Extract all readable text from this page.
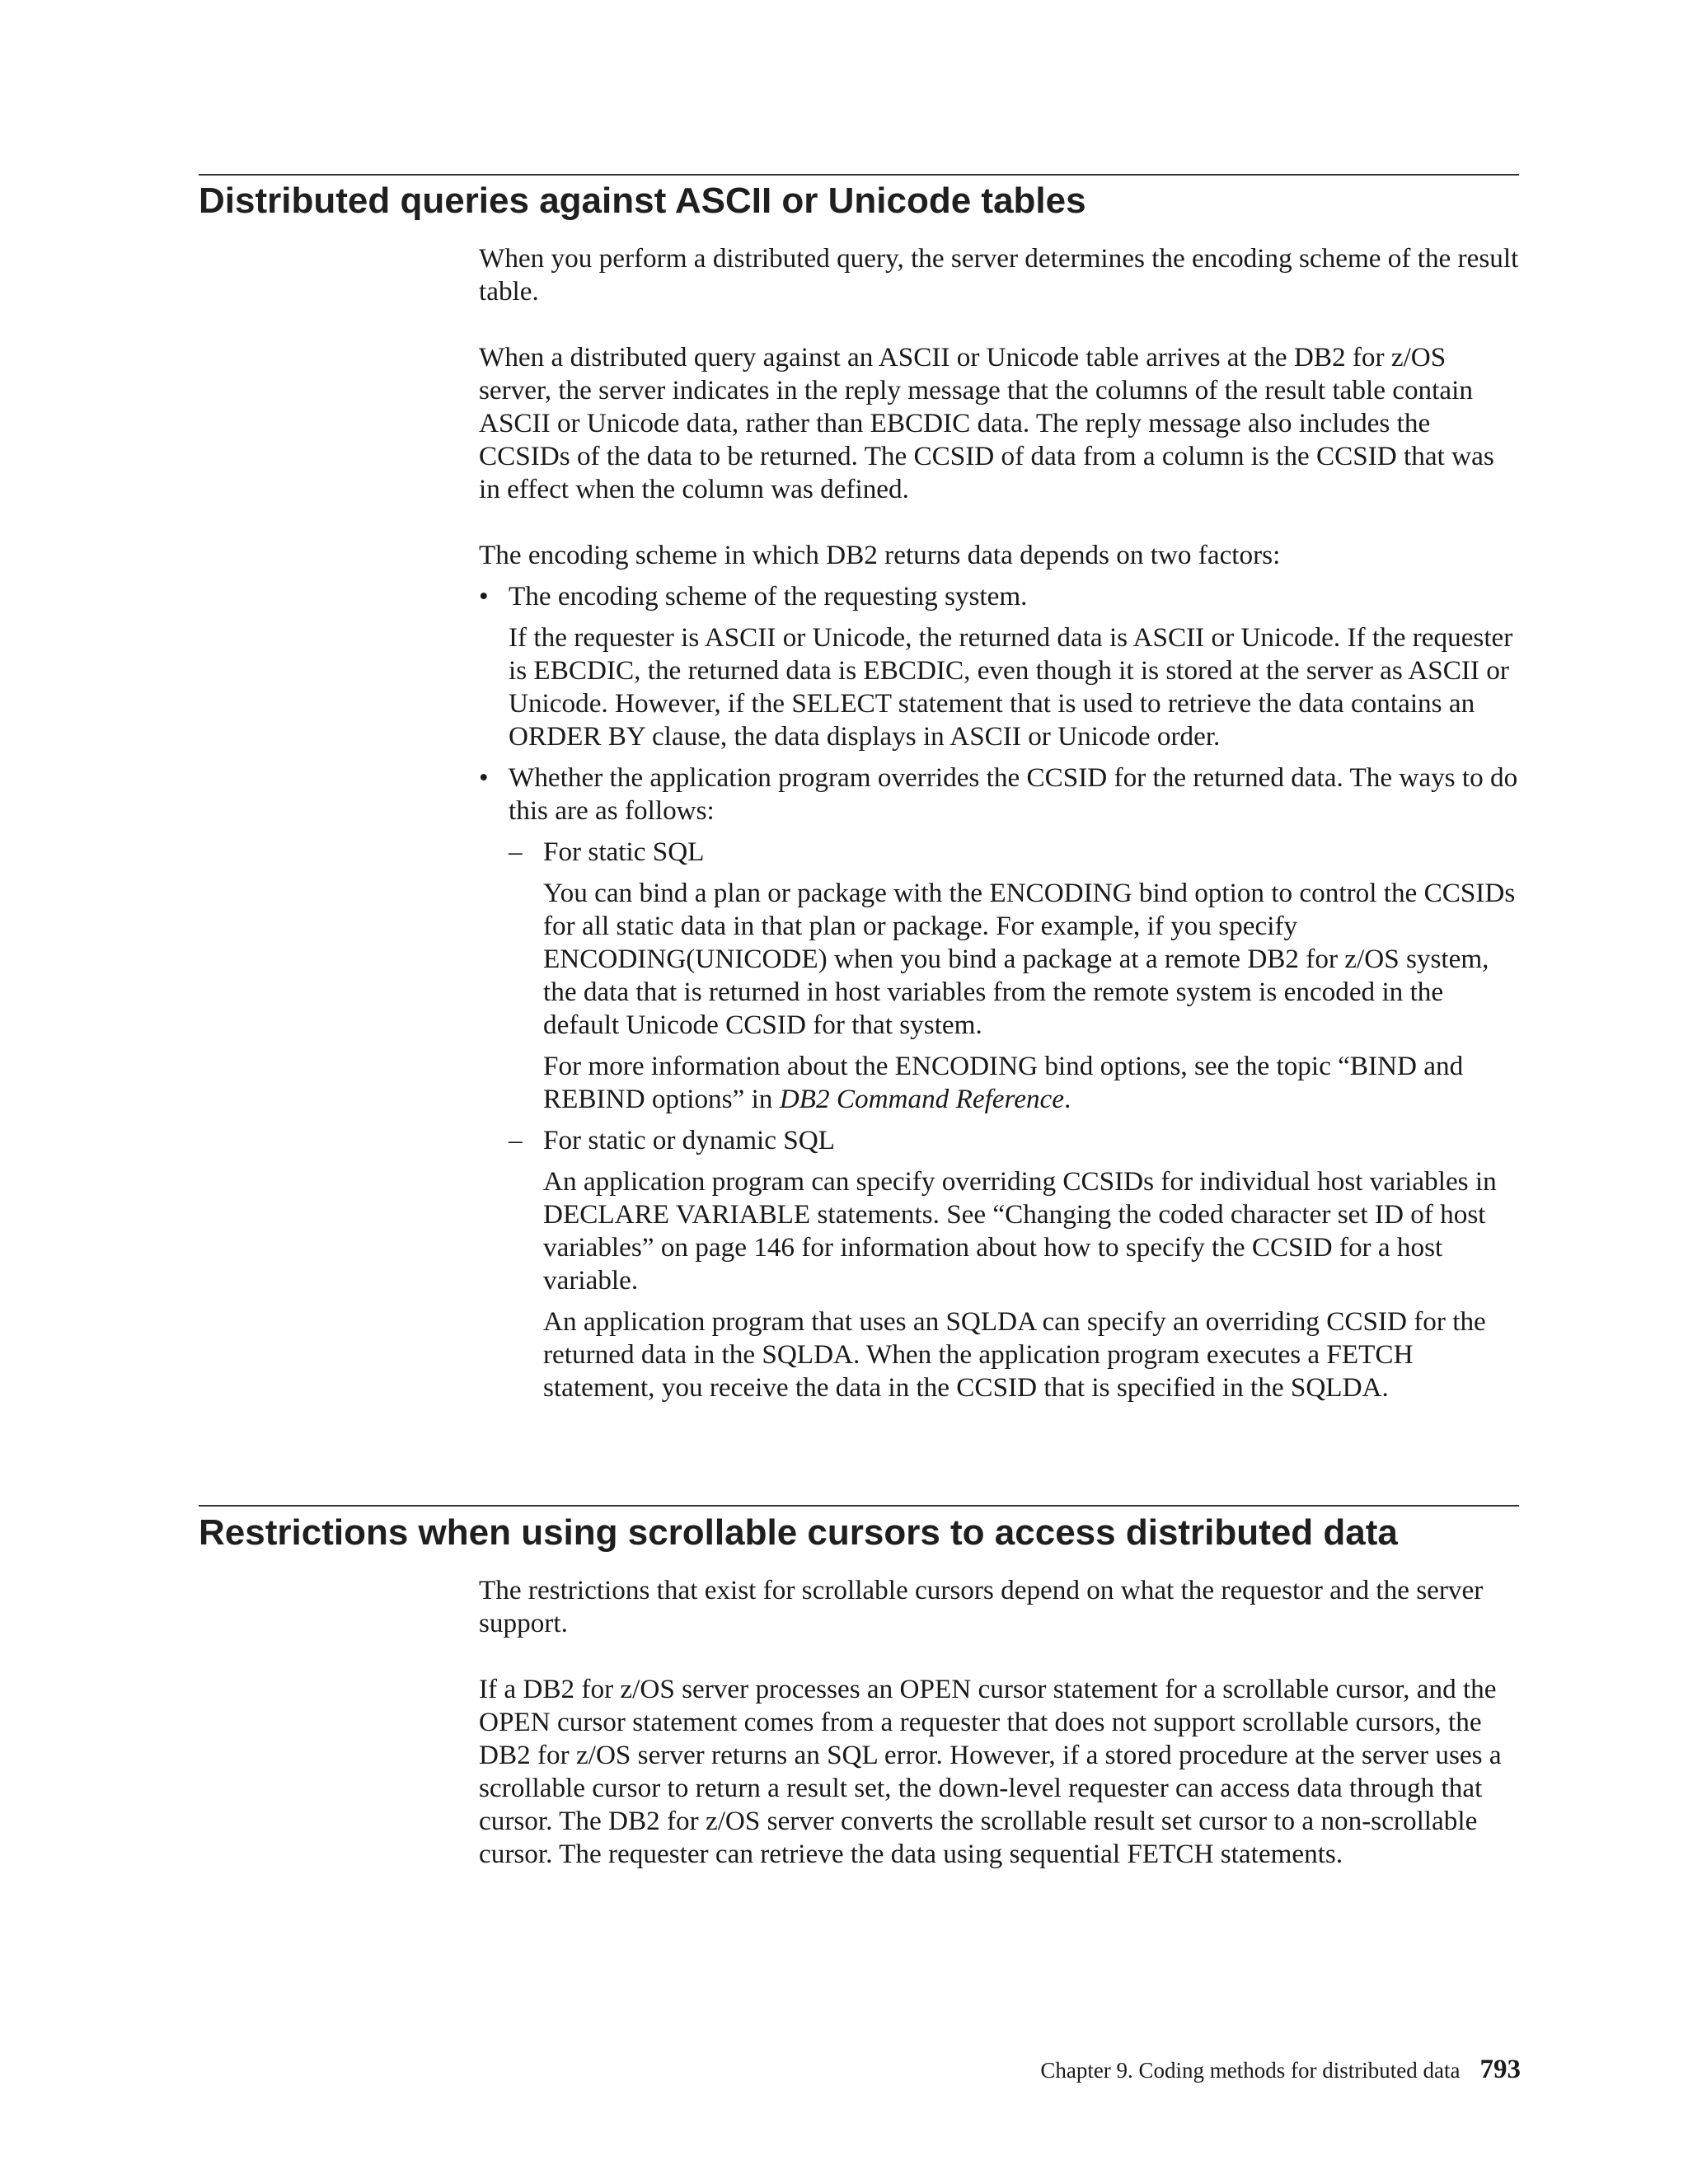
Distributed queries against ASCII or Unicode tables

When you perform a distributed query, the server determines the encoding scheme of the result table.

When a distributed query against an ASCII or Unicode table arrives at the DB2 for z/OS server, the server indicates in the reply message that the columns of the result table contain ASCII or Unicode data, rather than EBCDIC data. The reply message also includes the CCSIDs of the data to be returned. The CCSID of data from a column is the CCSID that was in effect when the column was defined.

The encoding scheme in which DB2 returns data depends on two factors:

• The encoding scheme of the requesting system.

If the requester is ASCII or Unicode, the returned data is ASCII or Unicode. If the requester is EBCDIC, the returned data is EBCDIC, even though it is stored at the server as ASCII or Unicode. However, if the SELECT statement that is used to retrieve the data contains an ORDER BY clause, the data displays in ASCII or Unicode order.

• Whether the application program overrides the CCSID for the returned data. The ways to do this are as follows:

– For static SQL

You can bind a plan or package with the ENCODING bind option to control the CCSIDs for all static data in that plan or package. For example, if you specify ENCODING(UNICODE) when you bind a package at a remote DB2 for z/OS system, the data that is returned in host variables from the remote system is encoded in the default Unicode CCSID for that system.

For more information about the ENCODING bind options, see the topic “BIND and REBIND options” in DB2 Command Reference.

– For static or dynamic SQL

An application program can specify overriding CCSIDs for individual host variables in DECLARE VARIABLE statements. See “Changing the coded character set ID of host variables” on page 146 for information about how to specify the CCSID for a host variable.

An application program that uses an SQLDA can specify an overriding CCSID for the returned data in the SQLDA. When the application program executes a FETCH statement, you receive the data in the CCSID that is specified in the SQLDA.

Restrictions when using scrollable cursors to access distributed data

The restrictions that exist for scrollable cursors depend on what the requestor and the server support.

If a DB2 for z/OS server processes an OPEN cursor statement for a scrollable cursor, and the OPEN cursor statement comes from a requester that does not support scrollable cursors, the DB2 for z/OS server returns an SQL error. However, if a stored procedure at the server uses a scrollable cursor to return a result set, the down-level requester can access data through that cursor. The DB2 for z/OS server converts the scrollable result set cursor to a non-scrollable cursor. The requester can retrieve the data using sequential FETCH statements.

Chapter 9. Coding methods for distributed data 793
